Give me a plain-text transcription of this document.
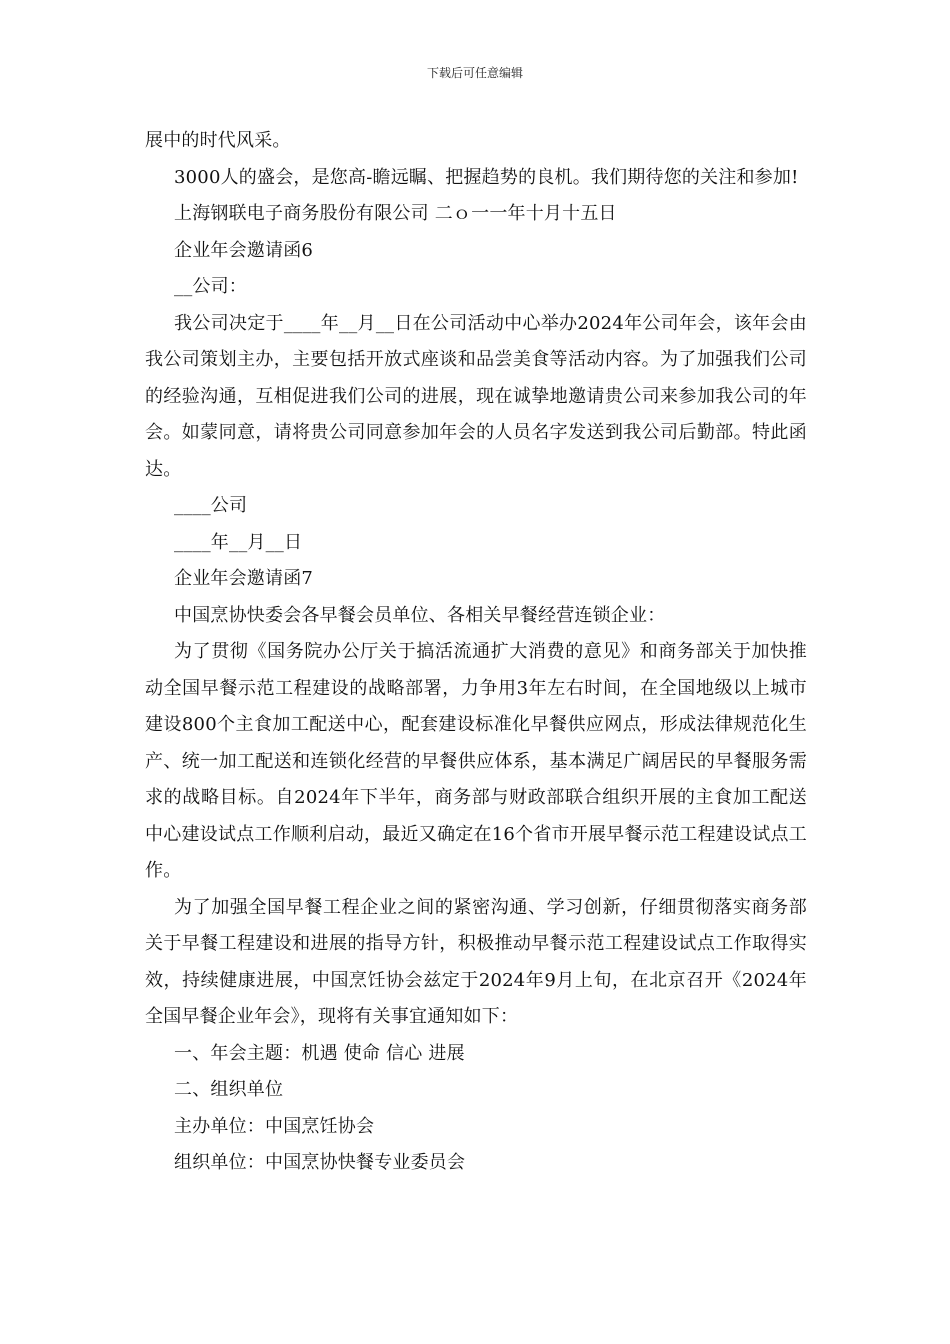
下载后可任意编辑

展中的时代风采。

3000人的盛会，是您高-瞻远瞩、把握趋势的良机。我们期待您的关注和参加!

上海钢联电子商务股份有限公司 二ｏ一一年十月十五日

企业年会邀请函6

__公司：

我公司决定于____年__月__日在公司活动中心举办2024年公司年会，该年会由我公司策划主办，主要包括开放式座谈和品尝美食等活动内容。为了加强我们公司的经验沟通，互相促进我们公司的进展，现在诚挚地邀请贵公司来参加我公司的年会。如蒙同意，请将贵公司同意参加年会的人员名字发送到我公司后勤部。特此函达。

____公司

____年__月__日

企业年会邀请函7

中国烹协快委会各早餐会员单位、各相关早餐经营连锁企业：

为了贯彻《国务院办公厅关于搞活流通扩大消费的意见》和商务部关于加快推动全国早餐示范工程建设的战略部署，力争用3年左右时间，在全国地级以上城市建设800个主食加工配送中心，配套建设标准化早餐供应网点，形成法律规范化生产、统一加工配送和连锁化经营的早餐供应体系，基本满足广阔居民的早餐服务需求的战略目标。自2024年下半年，商务部与财政部联合组织开展的主食加工配送中心建设试点工作顺利启动，最近又确定在16个省市开展早餐示范工程建设试点工作。

为了加强全国早餐工程企业之间的紧密沟通、学习创新，仔细贯彻落实商务部关于早餐工程建设和进展的指导方针，积极推动早餐示范工程建设试点工作取得实效，持续健康进展，中国烹饪协会兹定于2024年9月上旬，在北京召开《2024年全国早餐企业年会》，现将有关事宜通知如下：

一、年会主题：机遇 使命 信心 进展

二、组织单位

主办单位：中国烹饪协会

组织单位：中国烹协快餐专业委员会
